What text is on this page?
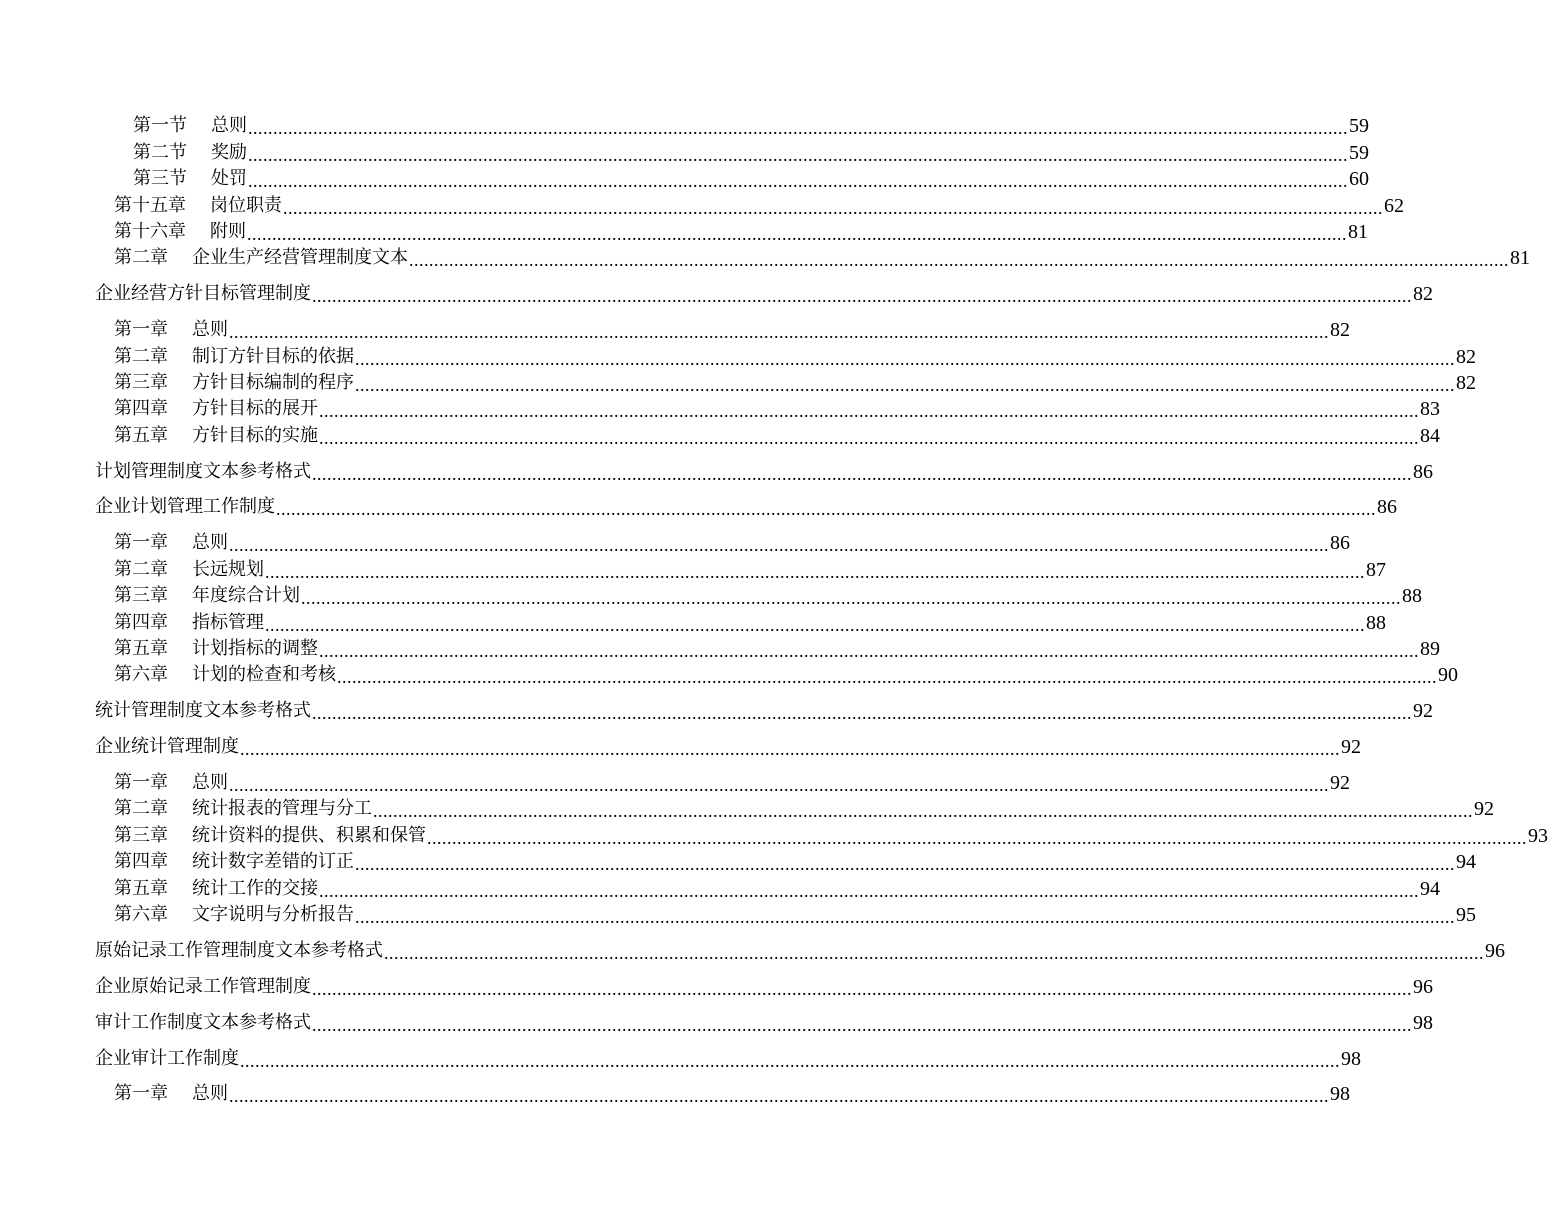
第一节 总则 ............................................................................................................................................................................................................................ 59
第二节 奖励 ............................................................................................................................................................................................................................ 59
第三节 处罚 ............................................................................................................................................................................................................................ 60
第十五章 岗位职责 ............................................................................................................................................................................................................................ 62
第十六章 附则 ............................................................................................................................................................................................................................ 81
第二章 企业生产经营管理制度文本 ............................................................................................................................................................................................................................ 81
企业经营方针目标管理制度 ............................................................................................................................................................................................................................ 82
第一章 总则 ............................................................................................................................................................................................................................ 82
第二章 制订方针目标的依据 ............................................................................................................................................................................................................................ 82
第三章 方针目标编制的程序 ............................................................................................................................................................................................................................ 82
第四章 方针目标的展开 ............................................................................................................................................................................................................................ 83
第五章 方针目标的实施 ............................................................................................................................................................................................................................ 84
计划管理制度文本参考格式 ............................................................................................................................................................................................................................ 86
企业计划管理工作制度 ............................................................................................................................................................................................................................ 86
第一章 总则 ............................................................................................................................................................................................................................ 86
第二章 长远规划 ............................................................................................................................................................................................................................ 87
第三章 年度综合计划 ............................................................................................................................................................................................................................ 88
第四章 指标管理 ............................................................................................................................................................................................................................ 88
第五章 计划指标的调整 ............................................................................................................................................................................................................................ 89
第六章 计划的检查和考核 ............................................................................................................................................................................................................................ 90
统计管理制度文本参考格式 ............................................................................................................................................................................................................................ 92
企业统计管理制度 ............................................................................................................................................................................................................................ 92
第一章 总则 ............................................................................................................................................................................................................................ 92
第二章 统计报表的管理与分工 ............................................................................................................................................................................................................................ 92
第三章 统计资料的提供、积累和保管 ............................................................................................................................................................................................................................ 93
第四章 统计数字差错的订正 ............................................................................................................................................................................................................................ 94
第五章 统计工作的交接 ............................................................................................................................................................................................................................ 94
第六章 文字说明与分析报告 ............................................................................................................................................................................................................................ 95
原始记录工作管理制度文本参考格式 ............................................................................................................................................................................................................................ 96
企业原始记录工作管理制度 ............................................................................................................................................................................................................................ 96
审计工作制度文本参考格式 ............................................................................................................................................................................................................................ 98
企业审计工作制度 ............................................................................................................................................................................................................................ 98
第一章 总则 ............................................................................................................................................................................................................................ 98
